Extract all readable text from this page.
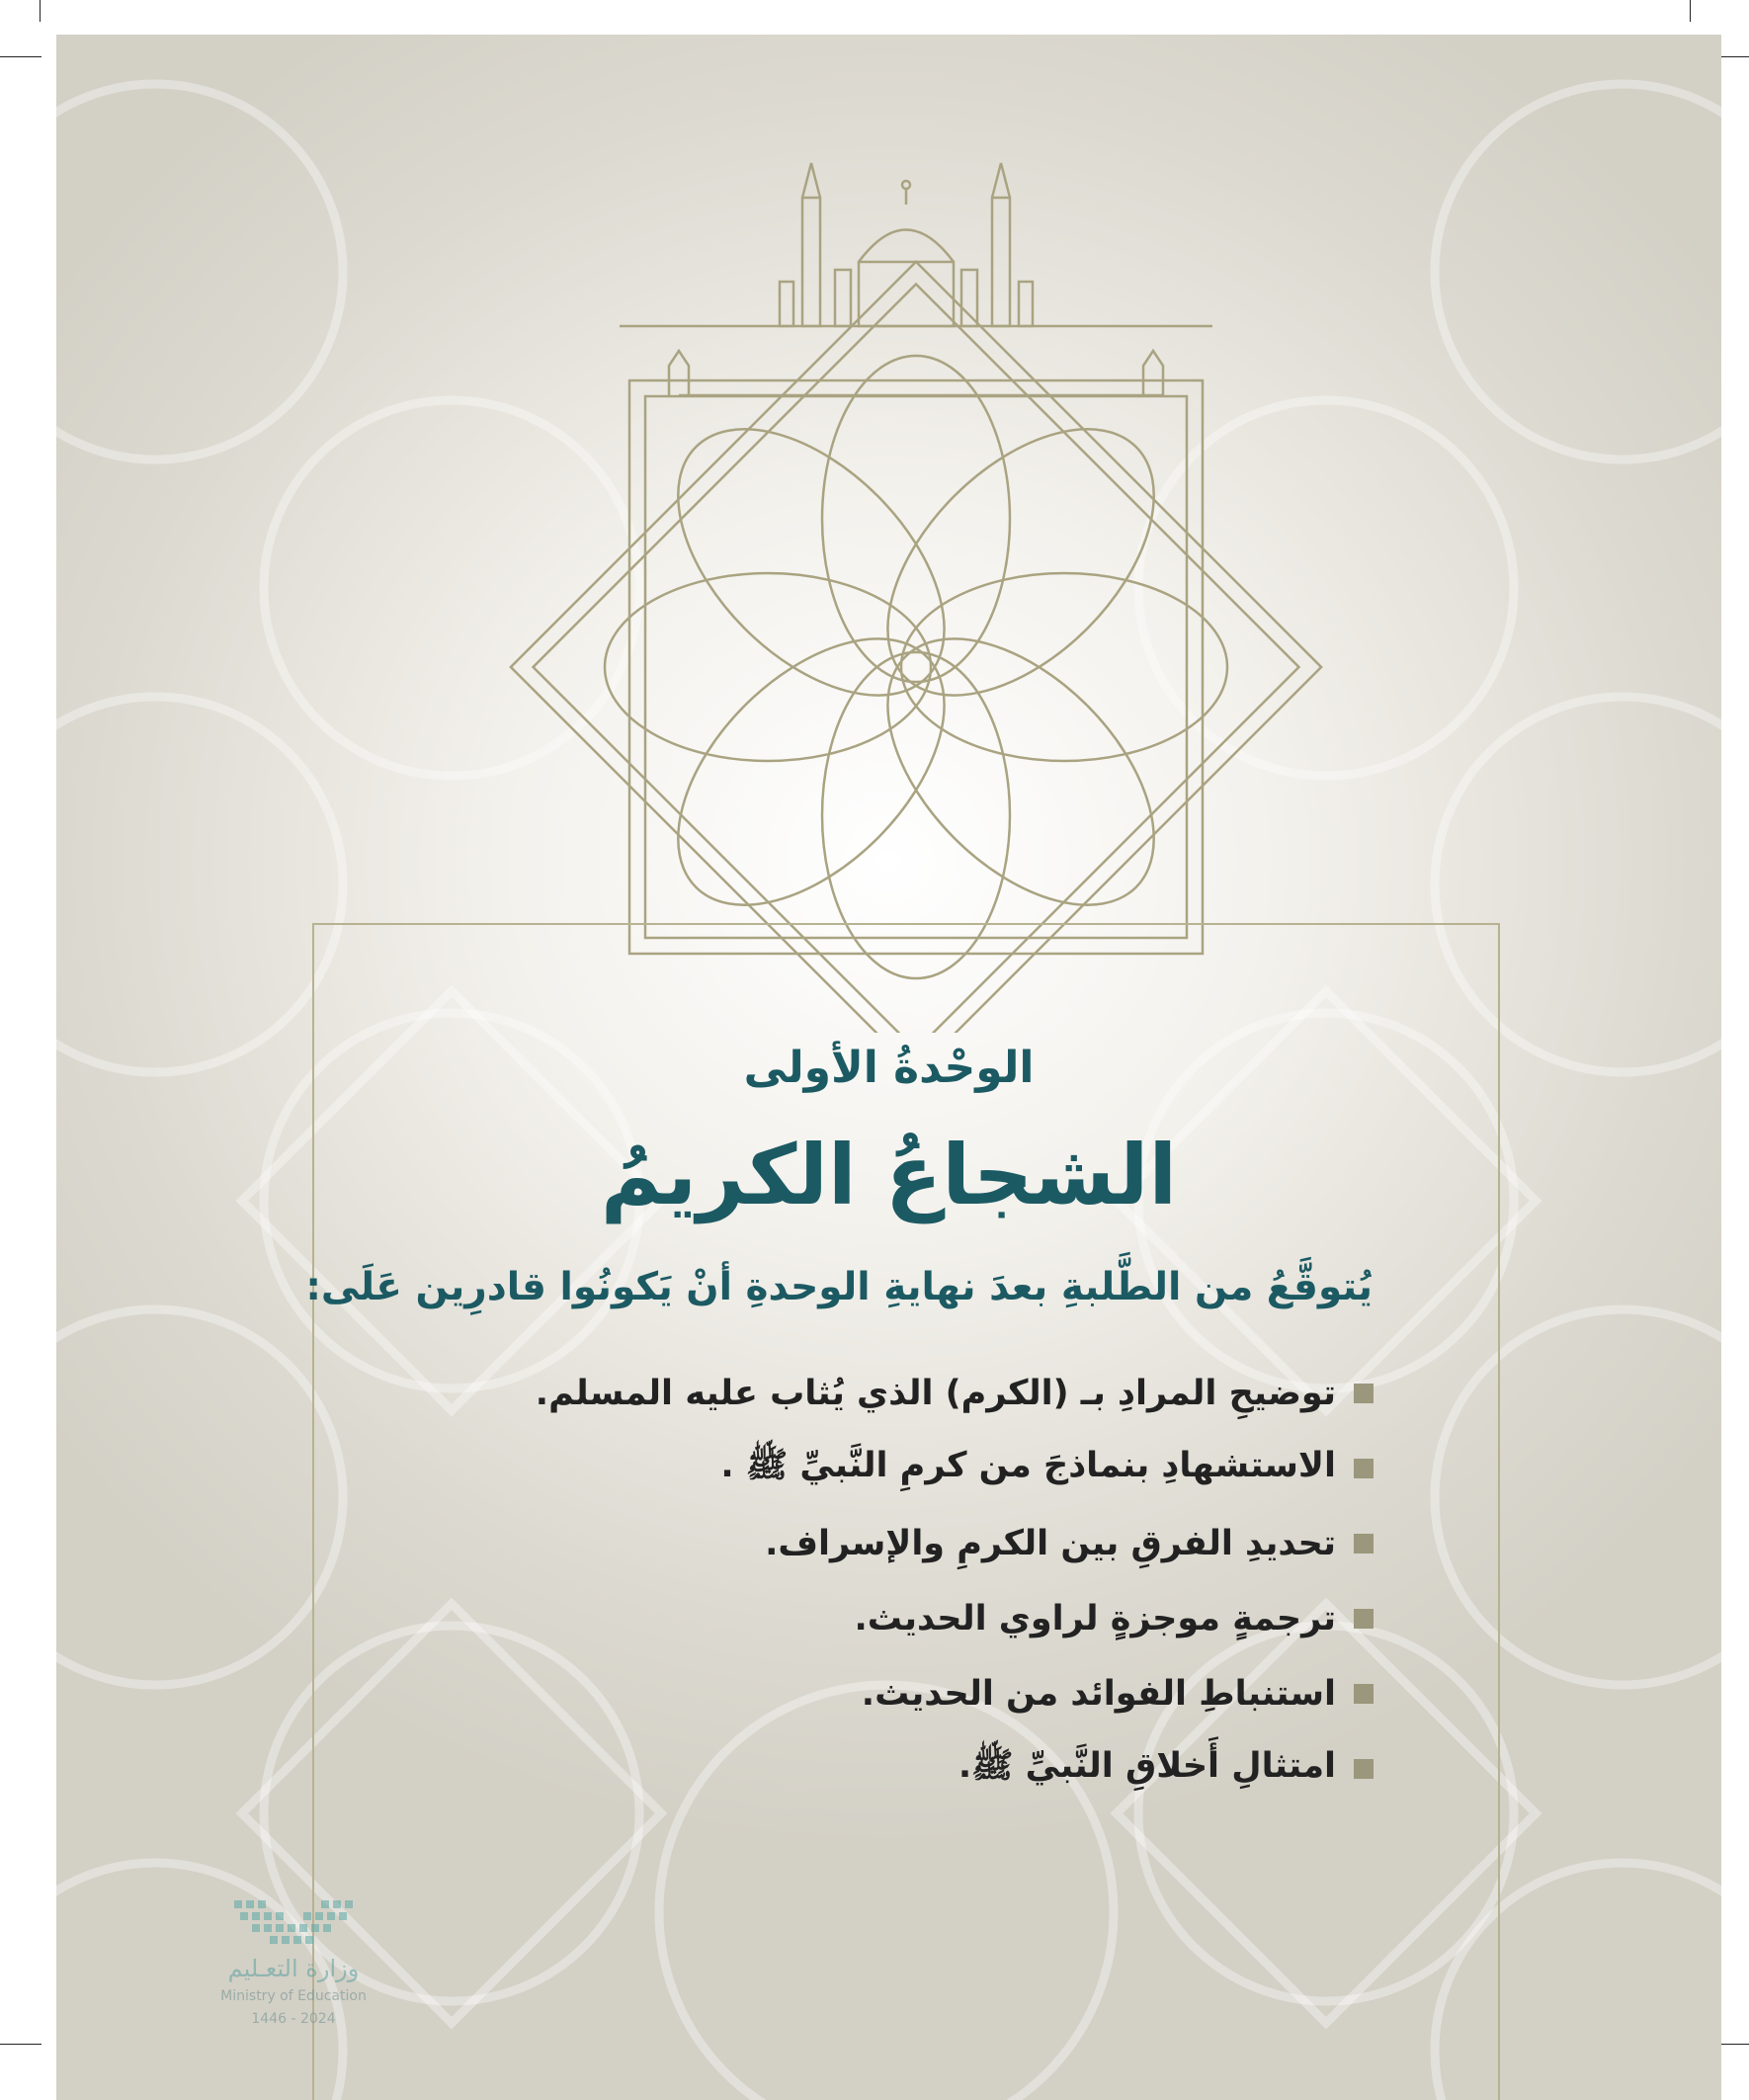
الوحْدةُ الأولى
الشجاعُ الكريمُ
يُتوقَّعُ من الطَّلبةِ بعدَ نهايةِ الوحدةِ أنْ يَكونُوا قادرِين عَلَى:
توضيحِ المرادِ بـ (الكرم) الذي يُثاب عليه المسلم.
الاستشهادِ بنماذجَ من كرمِ النَّبيِّ ﷺ .
تحديدِ الفرقِ بين الكرمِ والإسراف.
ترجمةٍ موجزةٍ لراوي الحديث.
استنباطِ الفوائد من الحديث.
امتثالِ أَخلاقِ النَّبيِّ ﷺ.
وزارة التعـليم
Ministry of Education
2024 - 1446
